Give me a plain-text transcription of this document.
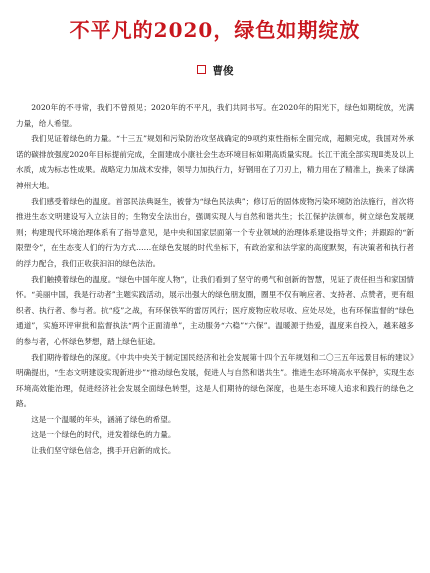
不平凡的2020，绿色如期绽放
曹俊

2020年的不寻常，我们不曾预见；2020年的不平凡，我们共同书写。在2020年的阳光下，绿色如期绽放，光满力量，给人希望。

我们见证着绿色的力量。“十三五”规划和污染防治攻坚战确定的9项约束性指标全面完成，超额完成，我国对外承诺的碳排放强度2020年目标提前完成，全面建成小康社会生态环境目标如期高质量实现。长江干流全部实现Ⅱ类及以上水质，成为标志性成果。战略定力加战术安排，领导力加执行力，好钢用在了刀刃上，精力用在了精准上，换来了绿满神州大地。

我们感受着绿色的温度。首部民法典诞生，被誉为“绿色民法典”；修订后的固体废物污染环境防治法施行，首次将推进生态文明建设写入立法目的；生物安全法出台，强调实现人与自然和谐共生；长江保护法颁布，树立绿色发展规则；构建现代环境治理体系有了指导意见，是中央和国家层面第一个专业领域的治理体系建设指导文件；并跟踪的“新限塑令”，在生态变人们的行为方式……在绿色发展的时代坐标下，有政治家和法学家的高度默契，有决策者和执行者的浮力配合，我们正收获汩汩的绿色法治。

我们触摸着绿色的温度。“绿色中国年度人物”，让我们看到了坚守的勇气和创新的智慧，见证了责任担当和家国情怀。“美丽中国，我是行动者”主题实践活动，展示出强大的绿色朋友圈，圈里不仅有响应者、支持者、点赞者，更有组织者、执行者、参与者。抗“疫”之战，有环保铁军的雷厉风行；医疗废物应收尽收、应处尽处，也有环保监督的“绿色通道”，实施环评审批和监督执法“两个正面清单”，主动服务“六稳”“六保”。温暖源于热爱，温度来自投入，越来越多的参与者，心怀绿色梦想，踏上绿色征途。

我们期待着绿色的深度。《中共中央关于制定国民经济和社会发展第十四个五年规划和二〇三五年远景目标的建议》明确提出，“生态文明建设实现新进步”“推动绿色发展，促进人与自然和谐共生”。推进生态环境高水平保护，实现生态环境高效能治理，促进经济社会发展全面绿色转型，这是人们期待的绿色深度，也是生态环境人追求和践行的绿色之路。

这是一个温暖的年头，涵涌了绿色的希望。

这是一个绿色的时代，迸发着绿色的力量。

让我们坚守绿色信念，携手开启新的成长。
